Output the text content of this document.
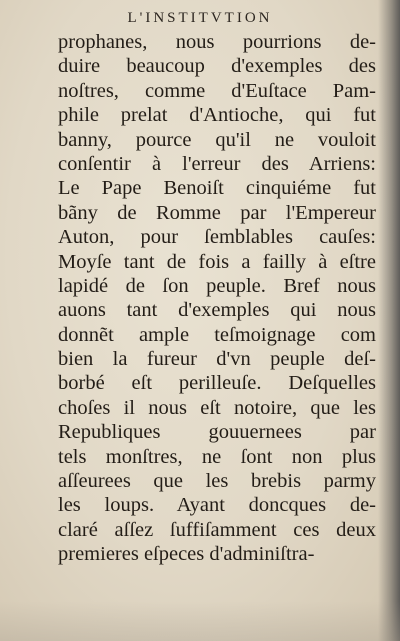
L'INSTITVTION
prophanes, nous pourrions de-
duire beaucoup d'exemples des
noſtres, comme d'Euſtace Pam-
phile prelat d'Antioche, qui fut
banny, pource qu'il ne vouloit
conſentir à l'erreur des Arriens:
Le Pape Benoiſt cinquiéme fut
bãny de Romme par l'Empereur
Auton, pour ſemblables cauſes:
Moyſe tant de fois a failly à eſtre
lapidé de ſon peuple. Bref nous
auons tant d'exemples qui nous
donnẽt ample teſmoignage com
bien la fureur d'vn peuple deſ-
borbé eſt perilleuſe. Deſquelles
choſes il nous eſt notoire, que les
Republiques gouuernees par
tels monſtres, ne ſont non plus
aſſeurees que les brebis parmy
les loups. Ayant doncques de-
claré aſſez ſuffiſamment ces deux
premieres eſpeces d'adminiſtra-
